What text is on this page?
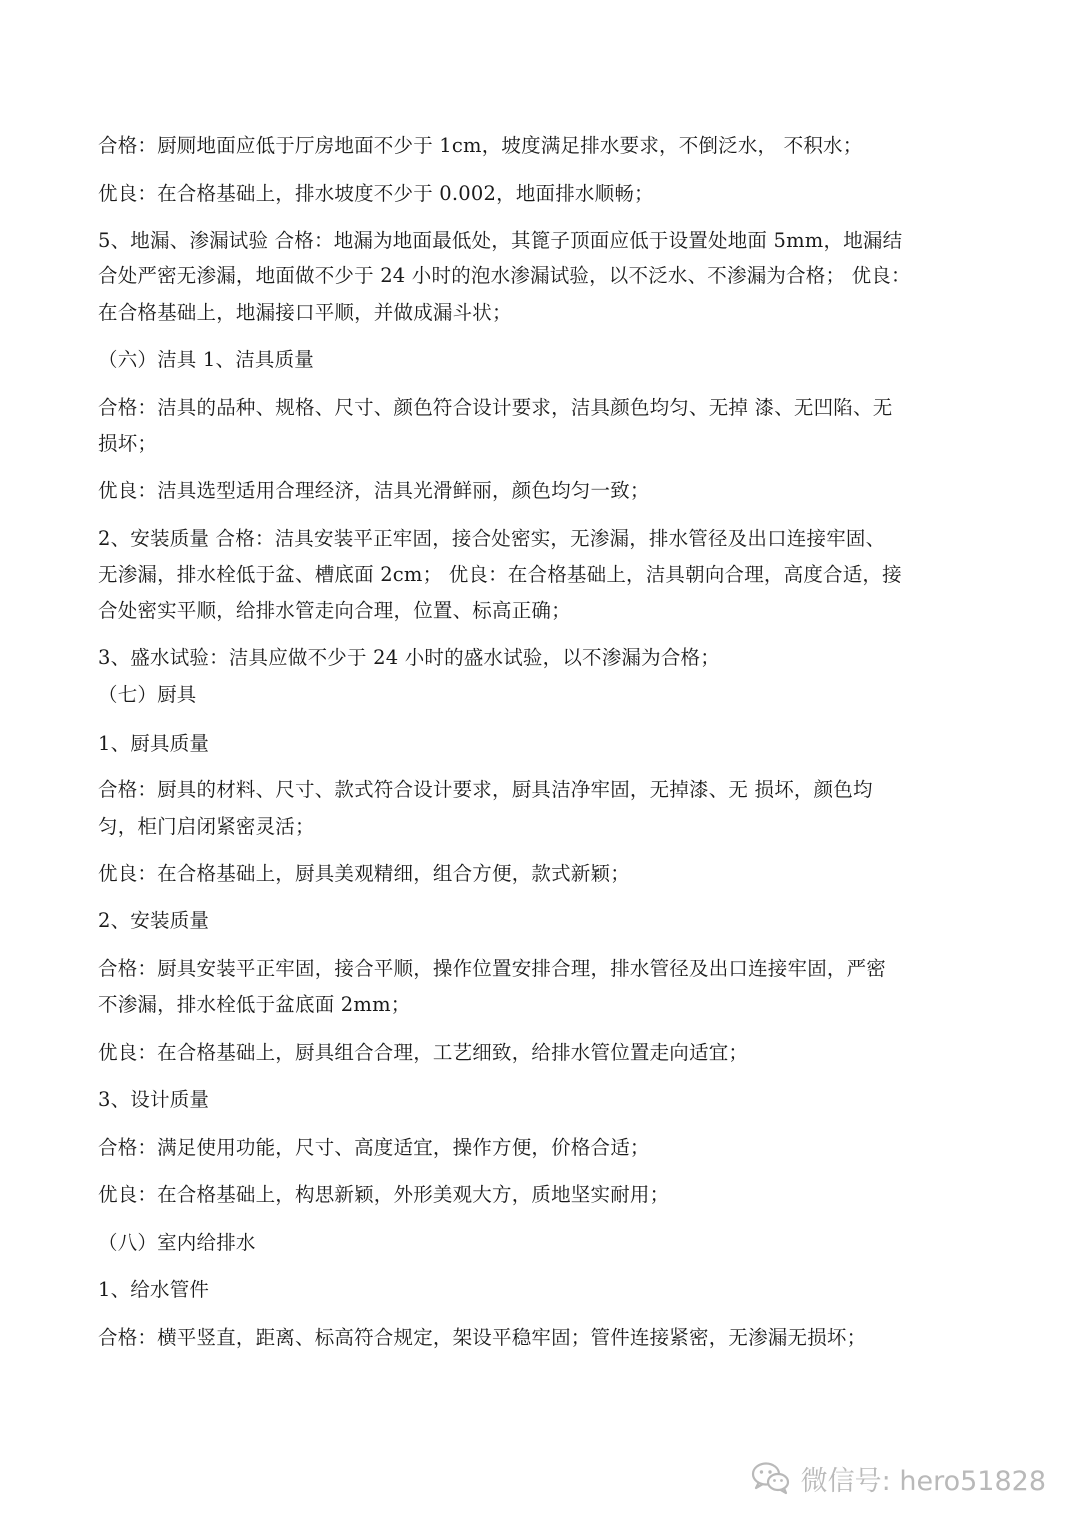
合格：厨厕地面应低于厅房地面不少于 1cm，坡度满足排水要求，不倒泛水， 不积水；
优良：在合格基础上，排水坡度不少于 0.002，地面排水顺畅；
5、地漏、渗漏试验 合格：地漏为地面最低处，其篦子顶面应低于设置处地面 5mm，地漏结
合处严密无渗漏，地面做不少于 24 小时的泡水渗漏试验，以不泛水、不渗漏为合格； 优良：
在合格基础上，地漏接口平顺，并做成漏斗状；
（六）洁具 1、洁具质量
合格：洁具的品种、规格、尺寸、颜色符合设计要求，洁具颜色均匀、无掉 漆、无凹陷、无
损坏；
优良：洁具选型适用合理经济，洁具光滑鲜丽，颜色均匀一致；
2、安装质量 合格：洁具安装平正牢固，接合处密实，无渗漏，排水管径及出口连接牢固、
无渗漏，排水栓低于盆、槽底面 2cm； 优良：在合格基础上，洁具朝向合理，高度合适，接
合处密实平顺，给排水管走向合理，位置、标高正确；
3、盛水试验：洁具应做不少于 24 小时的盛水试验，以不渗漏为合格；
（七）厨具
1、厨具质量
合格：厨具的材料、尺寸、款式符合设计要求，厨具洁净牢固，无掉漆、无 损坏，颜色均
匀，柜门启闭紧密灵活；
优良：在合格基础上，厨具美观精细，组合方便，款式新颖；
2、安装质量
合格：厨具安装平正牢固，接合平顺，操作位置安排合理，排水管径及出口连接牢固，严密
不渗漏，排水栓低于盆底面 2mm；
优良：在合格基础上，厨具组合合理，工艺细致，给排水管位置走向适宜；
3、设计质量
合格：满足使用功能，尺寸、高度适宜，操作方便，价格合适；
优良：在合格基础上，构思新颖，外形美观大方，质地坚实耐用；
（八）室内给排水
1、给水管件
合格：横平竖直，距离、标高符合规定，架设平稳牢固；管件连接紧密，无渗漏无损坏；
微信号: hero51828
